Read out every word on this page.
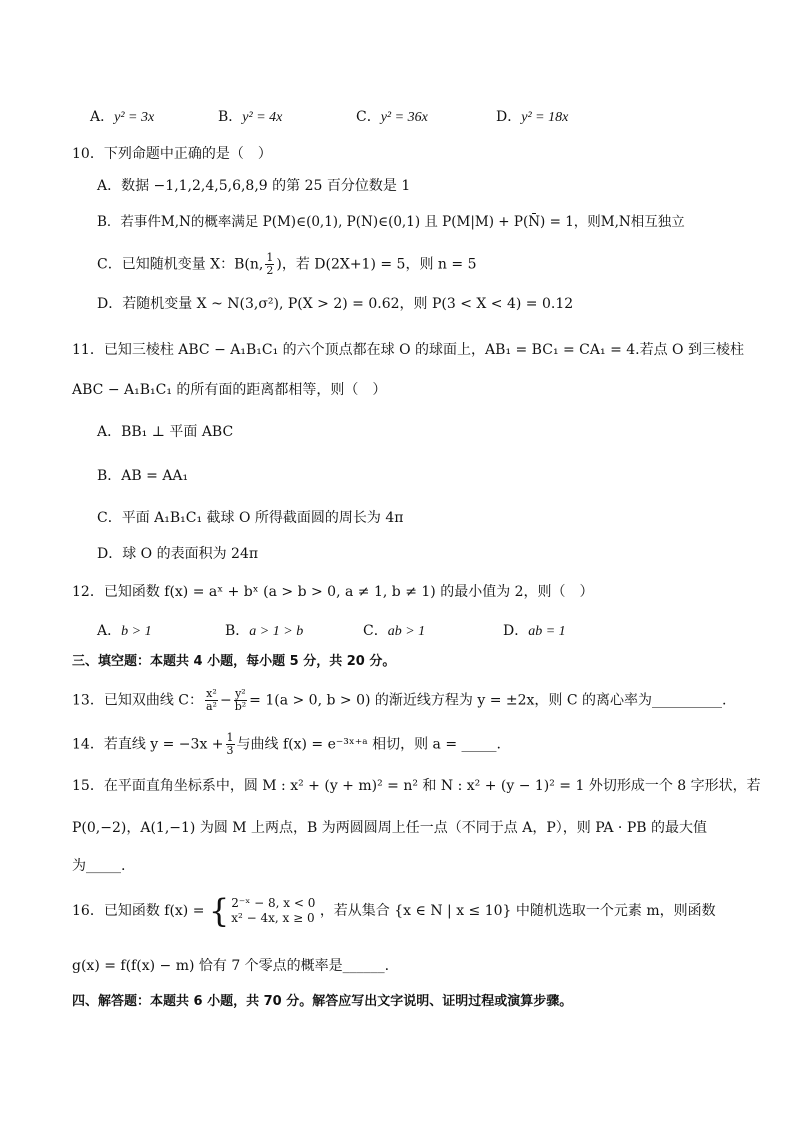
A．y² = 3x	B．y² = 4x	C．y² = 36x	D．y² = 18x
10．下列命题中正确的是（　）
A．数据 −1,1,2,4,5,6,8,9 的第 25 百分位数是 1
B．若事件M,N的概率满足 P(M)∈(0,1), P(N)∈(0,1) 且 P(M|M) + P(N̄) = 1，则M,N相互独立
C．已知随机变量 X：B(n, $\frac{1}{2}$ )，若 D(2X+1) = 5，则 n = 5
D．若随机变量 X ~ N(3,σ²), P(X > 2) = 0.62，则 P(3 < X < 4) = 0.12
11．已知三棱柱 ABC − A₁B₁C₁ 的六个顶点都在球 O 的球面上，AB₁ = BC₁ = CA₁ = 4.若点 O 到三棱柱
ABC − A₁B₁C₁ 的所有面的距离都相等，则（　）
A．BB₁ ⊥ 平面 ABC
B．AB = AA₁
C．平面 A₁B₁C₁ 截球 O 所得截面圆的周长为 4π
D．球 O 的表面积为 24π
12．已知函数 f(x) = aˣ + bˣ (a > b > 0, a ≠ 1, b ≠ 1) 的最小值为 2，则（　）
A．b > 1	B．a > 1 > b	C．ab > 1	D．ab = 1
三、填空题：本题共 4 小题，每小题 5 分，共 20 分。
13．已知双曲线 C： $\frac{\text{x²}}{\text{a²}} - \frac{\text{y²}}{\text{b²}} = 1(a > 0$, b > 0) 的渐近线方程为 y = ±2x，则 C 的离心率为__________.
14．若直线 $y = -3x + \frac{1}{3}$ 与曲线 f(x) = e⁻³ˣ⁺ᵃ 相切，则 a = _____.
15．在平面直角坐标系中，圆 M : x² + (y + m)² = n² 和 N : x² + (y − 1)² = 1 外切形成一个 8 字形状，若
P(0,−2)，A(1,−1) 为圆 M 上两点，B 为两圆圆周上任一点（不同于点 A，P），则 PA · PB 的最大值
为_____.
16．已知函数 f(x) = { 2⁻ˣ − 8, x < 0
x² − 4x, x ≥ 0 ，若从集合 {x ∈ N | x ≤ 10} 中随机选取一个元素 m，则函数
g(x) = f(f(x) − m) 恰有 7 个零点的概率是______.
四、解答题：本题共 6 小题，共 70 分。解答应写出文字说明、证明过程或演算步骤。
